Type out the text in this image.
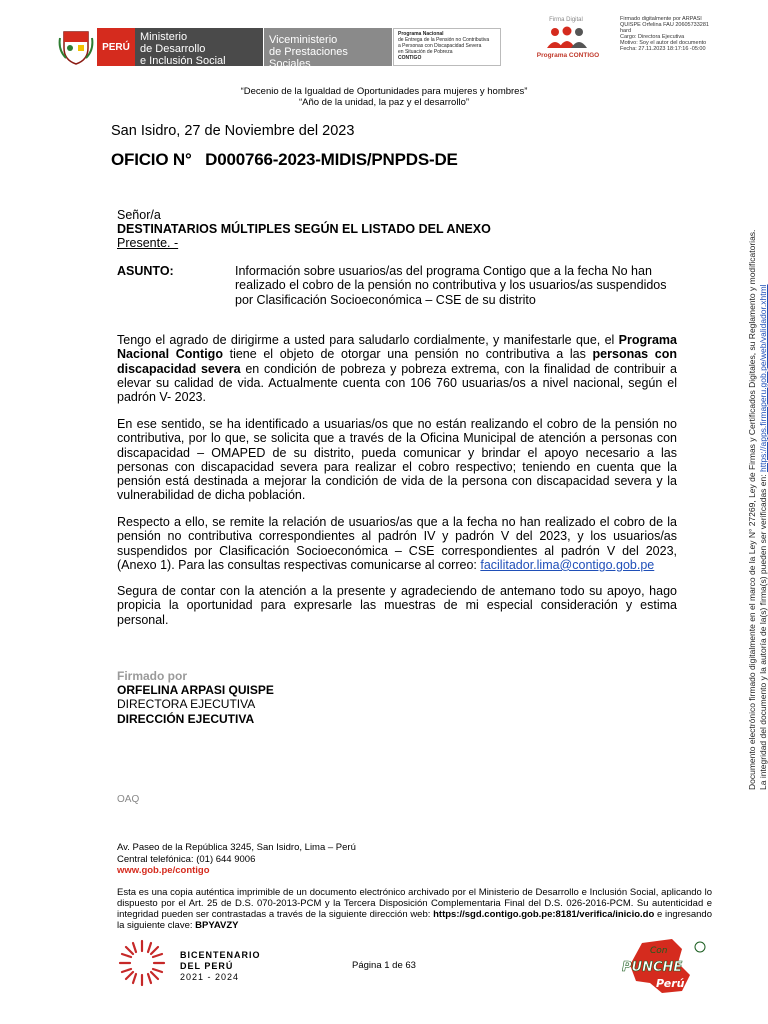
PERÚ
Ministerio
de Desarrollo
e Inclusión Social
Viceministerio
de Prestaciones Sociales
Programa Nacional
de Entrega de la Pensión no Contributiva
a Personas con Discapacidad Severa
en Situación de Pobreza
CONTIGO
Firma Digital
Programa CONTIGO
Firmado digitalmente por ARPASI
QUISPE Orfelina FAU 20605733281
hard
Cargo: Directora Ejecutiva
Motivo: Soy el autor del documento
Fecha: 27.11.2023 18:17:16 -05:00
“Decenio de la Igualdad de Oportunidades para mujeres y hombres”
“Año de la unidad, la paz y el desarrollo”
San Isidro, 27 de Noviembre del 2023
OFICIO N°   D000766-2023-MIDIS/PNPDS-DE
Señor/a
DESTINATARIOS MÚLTIPLES SEGÚN EL LISTADO DEL ANEXO
Presente. -
ASUNTO:	Información sobre usuarios/as del programa Contigo que a la fecha No han realizado el cobro de la pensión no contributiva y los usuarios/as suspendidos por Clasificación Socioeconómica – CSE de su distrito
Tengo el agrado de dirigirme a usted para saludarlo cordialmente, y manifestarle que, el Programa Nacional Contigo tiene el objeto de otorgar una pensión no contributiva a las personas con discapacidad severa en condición de pobreza y pobreza extrema, con la finalidad de contribuir a elevar su calidad de vida. Actualmente cuenta con 106 760 usuarias/os a nivel nacional, según el padrón V- 2023.
En ese sentido, se ha identificado a usuarias/os que no están realizando el cobro de la pensión no contributiva, por lo que, se solicita que a través de la Oficina Municipal de atención a personas con discapacidad – OMAPED de su distrito, pueda comunicar y brindar el apoyo necesario a las personas con discapacidad severa para realizar el cobro respectivo; teniendo en cuenta que la pensión está destinada a mejorar la condición de vida de la persona con discapacidad severa y la vulnerabilidad de dicha población.
Respecto a ello, se remite la relación de usuarios/as que a la fecha no han realizado el cobro de la pensión no contributiva correspondientes al padrón IV y padrón V del 2023, y los usuarios/as suspendidos por Clasificación Socioeconómica – CSE correspondientes al padrón V del 2023, (Anexo 1). Para las consultas respectivas comunicarse al correo: facilitador.lima@contigo.gob.pe
Segura de contar con la atención a la presente y agradeciendo de antemano todo su apoyo, hago propicia la oportunidad para expresarle las muestras de mi especial consideración y estima personal.
Firmado por
ORFELINA ARPASI QUISPE
DIRECTORA EJECUTIVA
DIRECCIÓN EJECUTIVA
OAQ
Av. Paseo de la República 3245, San Isidro, Lima – Perú
Central telefónica: (01) 644 9006
www.gob.pe/contigo
Esta es una copia auténtica imprimible de un documento electrónico archivado por el Ministerio de Desarrollo e Inclusión Social, aplicando lo dispuesto por el Art. 25 de D.S. 070-2013-PCM y la Tercera Disposición Complementaria Final del D.S. 026-2016-PCM. Su autenticidad e integridad pueden ser contrastadas a través de la siguiente dirección web: https://sgd.contigo.gob.pe:8181/verifica/inicio.do e ingresando la siguiente clave: BPYAVZY
BICENTENARIO
DEL PERÚ
2021 - 2024
Página 1 de 63
Con
PUNCHE
Perú
Documento electrónico firmado digitalmente en el marco de la Ley N° 27269, Ley de Firmas y Certificados Digitales, su Reglamento y modificatorias. La integridad del documento y la autoría de la(s) firma(s) pueden ser verificadas en: https://apps.firmaperu.gob.pe/web/validador.xhtml
